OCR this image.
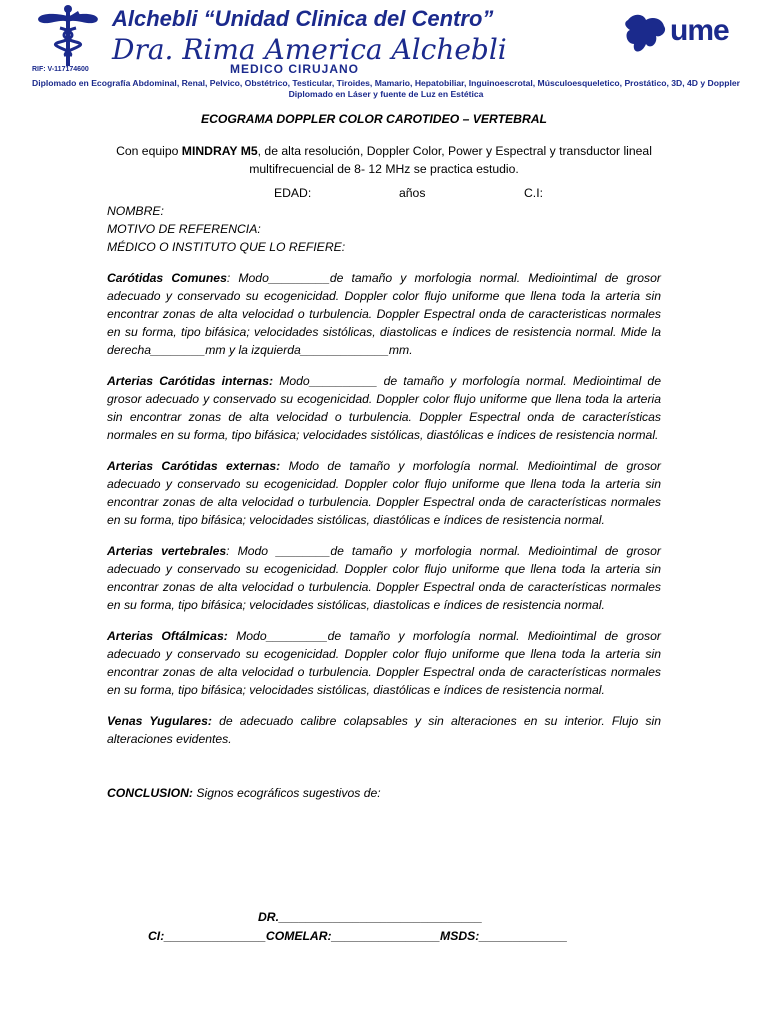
RIF: V-117174600
Alchebli “Unidad Clinica del Centro”
Dra. Rima America Alchebli
MEDICO CIRUJANO
Diplomado en Ecografía Abdominal, Renal, Pelvico, Obstétrico, Testicular, Tiroides, Mamario, Hepatobiliar, Inguinoescrotal, Músculoesqueletico, Prostático, 3D, 4D y Doppler Diplomado en Láser y fuente de Luz en Estética
ume
ECOGRAMA DOPPLER COLOR CAROTIDEO – VERTEBRAL
Con equipo MINDRAY M5, de alta resolución, Doppler Color, Power y Espectral y transductor lineal multifrecuencial de 8- 12 MHz se practica estudio.
EDAD:	años	C.I:
NOMBRE:
MOTIVO DE REFERENCIA:
MÉDICO O INSTITUTO QUE LO REFIERE:
Carótidas Comunes: Modo_________de tamaño y morfologia normal. Mediointimal de grosor adecuado y conservado su ecogenicidad. Doppler color flujo uniforme que llena toda la arteria sin encontrar zonas de alta velocidad o turbulencia. Doppler Espectral onda de caracteristicas normales en su forma, tipo bifásica; velocidades sistólicas, diastolicas e índices de resistencia normal. Mide la derecha________mm y la izquierda_____________mm.
Arterias Carótidas internas: Modo__________ de tamaño y morfología normal. Mediointimal de grosor adecuado y conservado su ecogenicidad. Doppler color flujo uniforme que llena toda la arteria sin encontrar zonas de alta velocidad o turbulencia. Doppler Espectral onda de características normales en su forma, tipo bifásica; velocidades sistólicas, diastólicas e índices de resistencia normal.
Arterias Carótidas externas: Modo de tamaño y morfología normal. Mediointimal de grosor adecuado y conservado su ecogenicidad. Doppler color flujo uniforme que llena toda la arteria sin encontrar zonas de alta velocidad o turbulencia. Doppler Espectral onda de características normales en su forma, tipo bifásica; velocidades sistólicas, diastólicas e índices de resistencia normal.
Arterias vertebrales: Modo ________de tamaño y morfologia normal. Mediointimal de grosor adecuado y conservado su ecogenicidad. Doppler color flujo uniforme que llena toda la arteria sin encontrar zonas de alta velocidad o turbulencia. Doppler Espectral onda de características normales en su forma, tipo bifásica; velocidades sistólicas, diastolicas e índices de resistencia normal.
Arterias Oftálmicas: Modo_________de tamaño y morfología normal. Mediointimal de grosor adecuado y conservado su ecogenicidad. Doppler color flujo uniforme que llena toda la arteria sin encontrar zonas de alta velocidad o turbulencia. Doppler Espectral onda de características normales en su forma, tipo bifásica; velocidades sistólicas, diastólicas e índices de resistencia normal.
Venas Yugulares: de adecuado calibre colapsables y sin alteraciones en su interior. Flujo sin alteraciones evidentes.
CONCLUSION: Signos ecográficos sugestivos de:
DR.______________________________
CI:_______________COMELAR:________________MSDS:_____________
